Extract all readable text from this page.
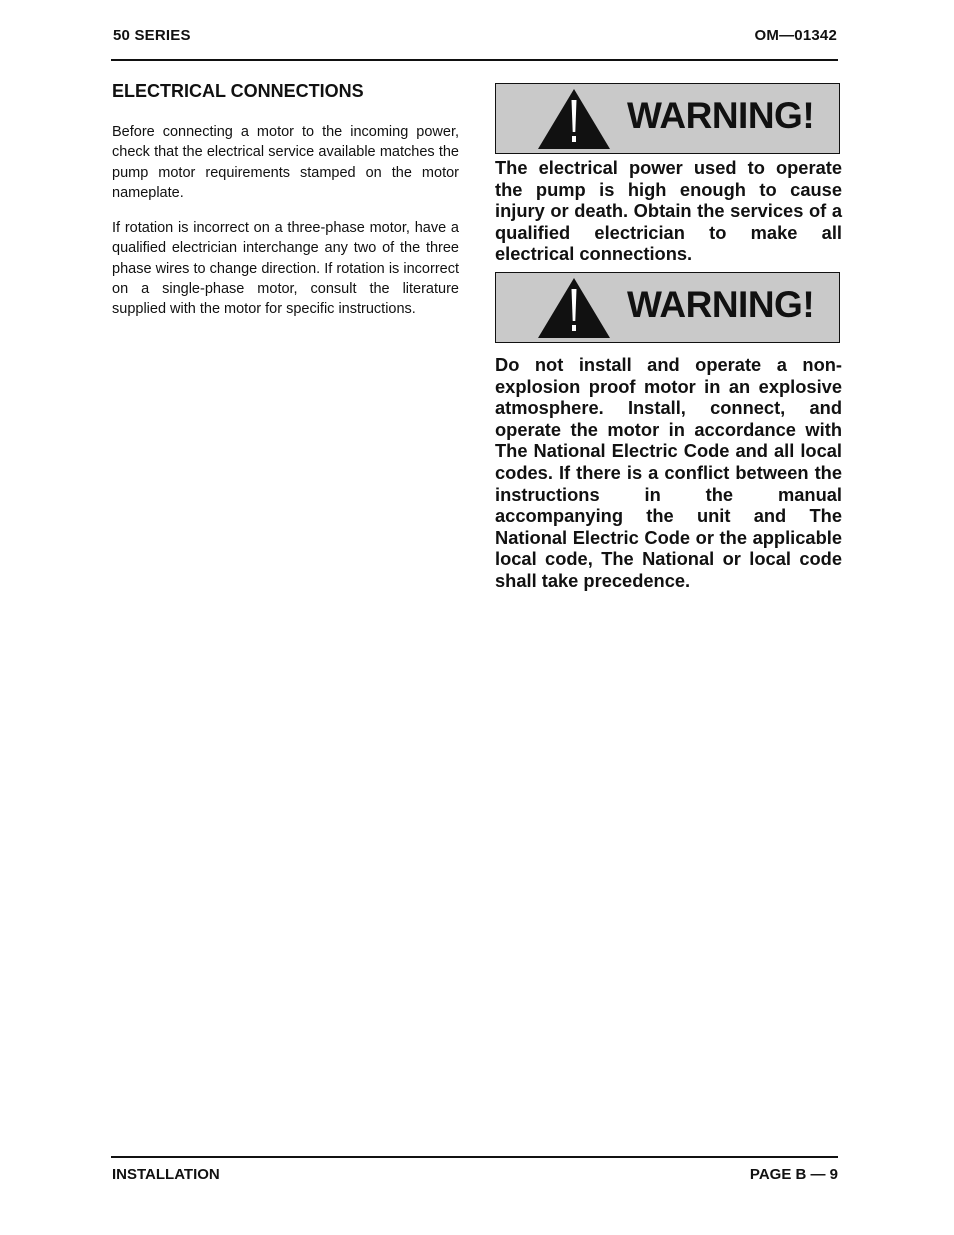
50 SERIES	OM—01342
ELECTRICAL CONNECTIONS

Before connecting a motor to the incoming power, check that the electrical service available matches the pump motor requirements stamped on the motor nameplate.

If rotation is incorrect on a three-phase motor, have a qualified electrician interchange any two of the three phase wires to change direction. If rotation is incorrect on a single-phase motor, consult the literature supplied with the motor for specific instructions.

WARNING!

The electrical power used to operate the pump is high enough to cause injury or death. Obtain the services of a qualified electrician to make all electrical connections.

WARNING!

Do not install and operate a non-explosion proof motor in an explosive atmosphere. Install, connect, and operate the motor in accordance with The National Electric Code and all local codes. If there is a conflict between the instructions in the manual accompanying the unit and The National Electric Code or the applicable local code, The National or local code shall take precedence.

INSTALLATION	PAGE B — 9
